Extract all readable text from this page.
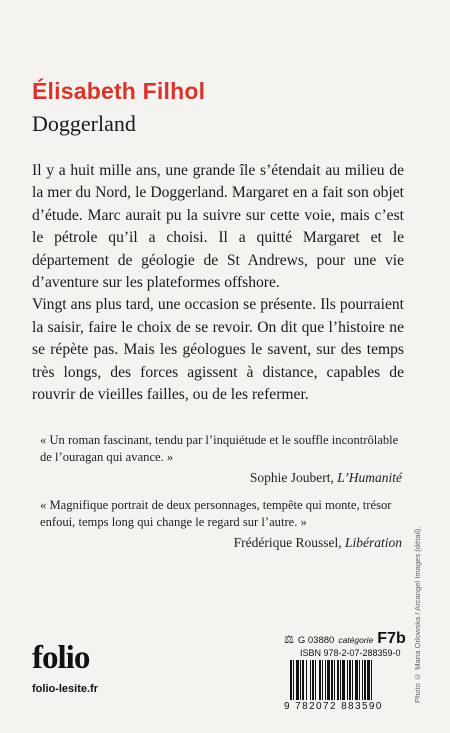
Élisabeth Filhol
Doggerland

Il y a huit mille ans, une grande île s’étendait au milieu de la mer du Nord, le Doggerland. Margaret en a fait son objet d’étude. Marc aurait pu la suivre sur cette voie, mais c’est le pétrole qu’il a choisi. Il a quitté Margaret et le département de géologie de St Andrews, pour une vie d’aventure sur les plateformes offshore.

Vingt ans plus tard, une occasion se présente. Ils pourraient la saisir, faire le choix de se revoir. On dit que l’histoire ne se répète pas. Mais les géologues le savent, sur des temps très longs, des forces agissent à distance, capables de rouvrir de vieilles failles, ou de les refermer.

« Un roman fascinant, tendu par l’inquiétude et le souffle incontrôlable de l’ouragan qui avance. »
Sophie Joubert, L’Humanité
« Magnifique portrait de deux personnages, tempête qui monte, trésor enfoui, temps long qui change le regard sur l’autre. »
Frédérique Roussel, Libération Photo © Marta Orlowska / Arcangel Images (détail).
folio
folio-lesite.fr
⚖ G 03880 catégorie F7b
ISBN 978-2-07-288359-0
9 782072 883590
